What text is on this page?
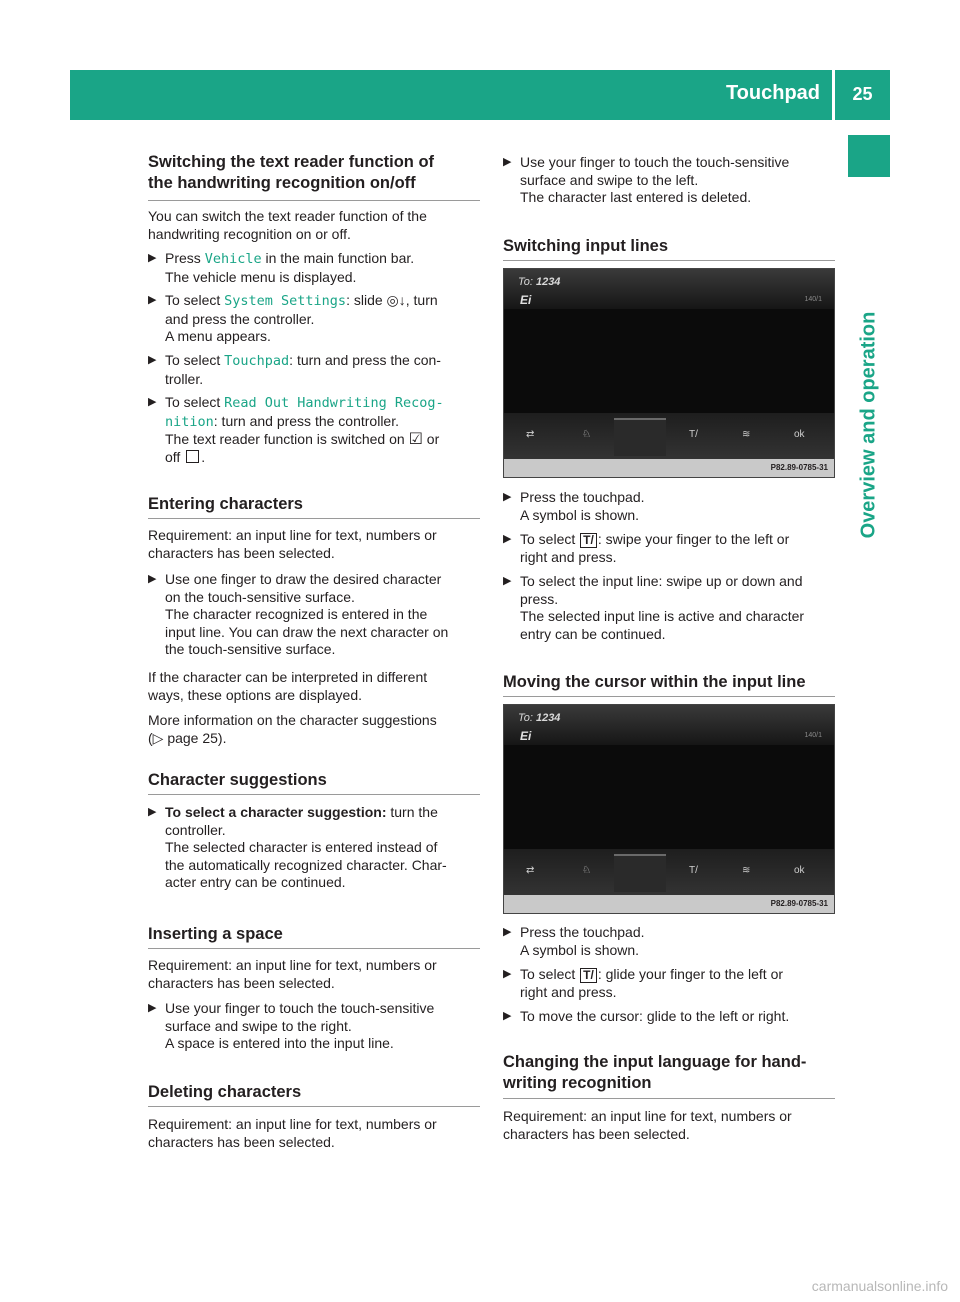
Touchpad	25
Overview and operation
Switching the text reader function of
the handwriting recognition on/off
You can switch the text reader function of the
handwriting recognition on or off.
▶ Press Vehicle in the main function bar.
The vehicle menu is displayed.
▶ To select System Settings: slide ◎↓, turn
and press the controller.
A menu appears.
▶ To select Touchpad: turn and press the con-
troller.
▶ To select Read Out Handwriting Recog‐
nition: turn and press the controller.
The text reader function is switched on ☑ or
off .
Entering characters
Requirement: an input line for text, numbers or
characters has been selected.
▶ Use one finger to draw the desired character
on the touch-sensitive surface.
The character recognized is entered in the
input line. You can draw the next character on
the touch-sensitive surface.
If the character can be interpreted in different
ways, these options are displayed.
More information on the character suggestions
(▷ page 25).
Character suggestions
▶ To select a character suggestion: turn the
controller.
The selected character is entered instead of
the automatically recognized character. Char-
acter entry can be continued.
Inserting a space
Requirement: an input line for text, numbers or
characters has been selected.
▶ Use your finger to touch the touch-sensitive
surface and swipe to the right.
A space is entered into the input line.
Deleting characters
Requirement: an input line for text, numbers or
characters has been selected.
▶ Use your finger to touch the touch-sensitive
surface and swipe to the left.
The character last entered is deleted.
Switching input lines
To: 1234
Ei	140/1
⇄	♘	T/	≋	ok
P82.89-0785-31
▶ Press the touchpad.
A symbol is shown.
▶ To select T/ : swipe your finger to the left or
right and press.
▶ To select the input line: swipe up or down and
press.
The selected input line is active and character
entry can be continued.
Moving the cursor within the input line
To: 1234
Ei	140/1
⇄	♘	T/	≋	ok
P82.89-0785-31
▶ Press the touchpad.
A symbol is shown.
▶ To select T/ : glide your finger to the left or
right and press.
▶ To move the cursor: glide to the left or right.
Changing the input language for hand-
writing recognition
Requirement: an input line for text, numbers or
characters has been selected.
carmanualsonline.info
